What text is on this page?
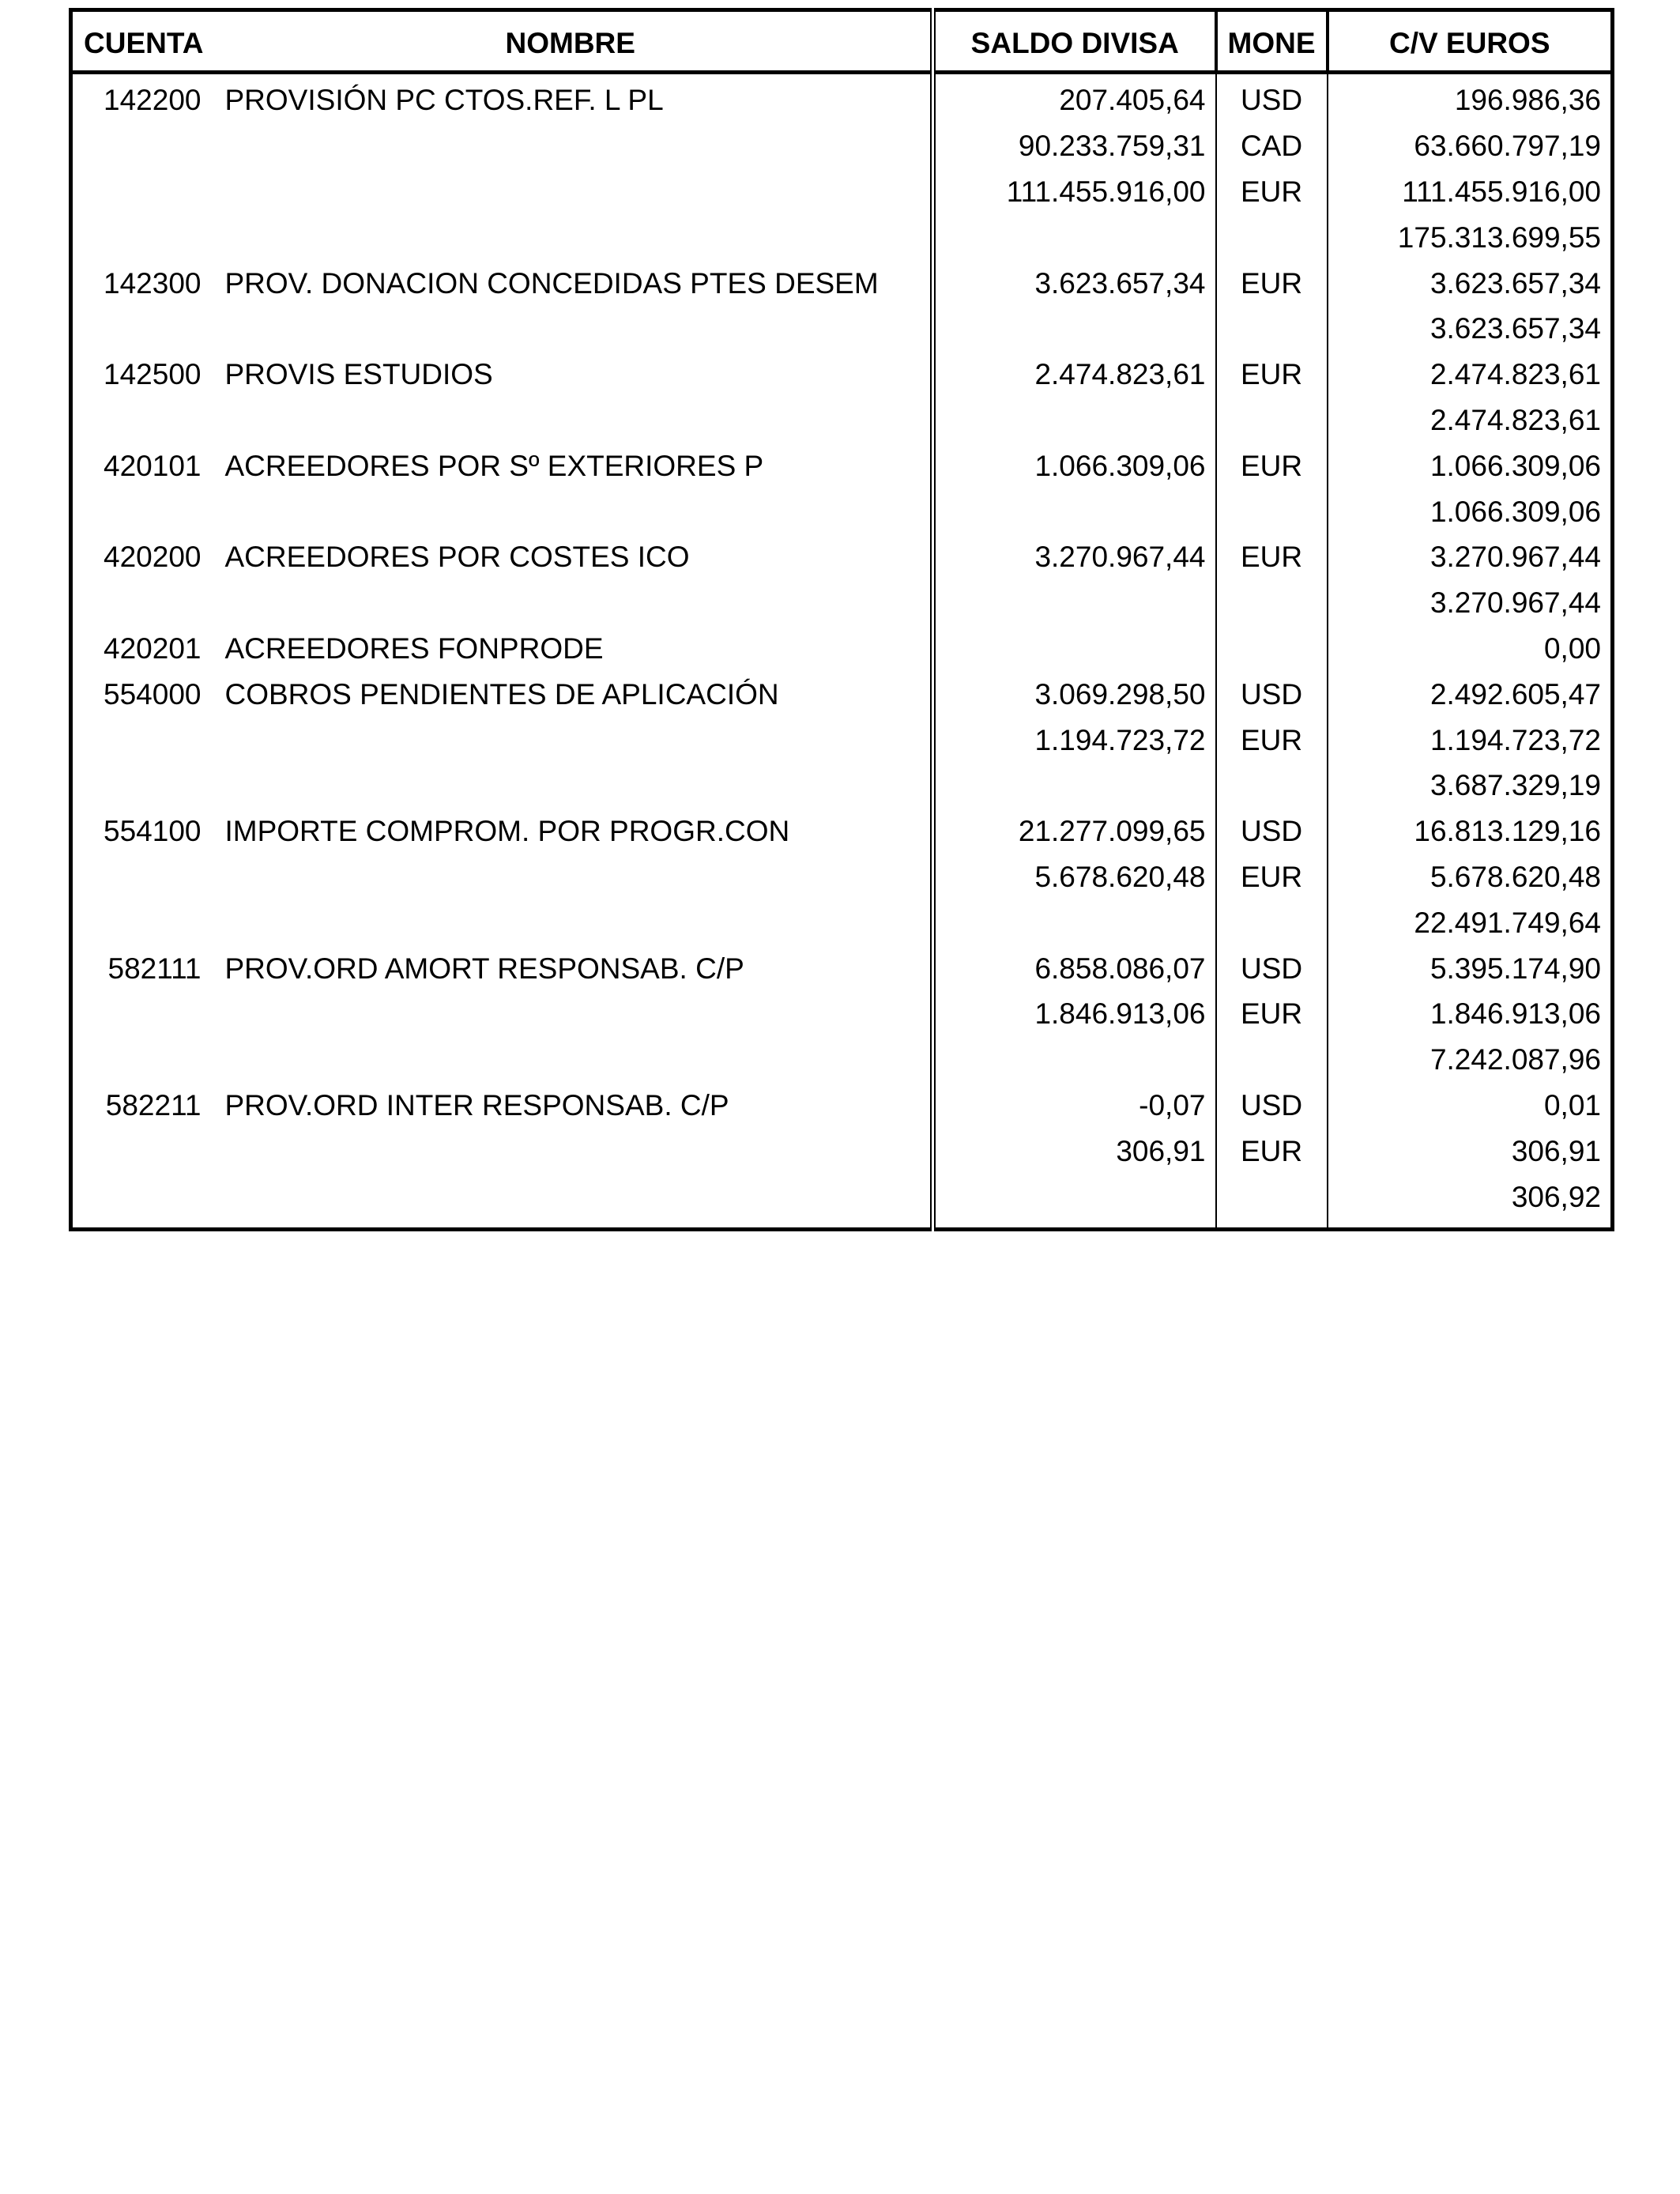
CUENTA	NOMBRE	SALDO DIVISA	MONE	C/V EUROS
142200	PROVISIÓN PC CTOS.REF. L PL	207.405,64	USD	196.986,36
		90.233.759,31	CAD	63.660.797,19
		111.455.916,00	EUR	111.455.916,00
				175.313.699,55
142300	PROV. DONACION CONCEDIDAS PTES DESEM	3.623.657,34	EUR	3.623.657,34
				3.623.657,34
142500	PROVIS ESTUDIOS	2.474.823,61	EUR	2.474.823,61
				2.474.823,61
420101	ACREEDORES POR Sº EXTERIORES P	1.066.309,06	EUR	1.066.309,06
				1.066.309,06
420200	ACREEDORES POR COSTES ICO	3.270.967,44	EUR	3.270.967,44
				3.270.967,44
420201	ACREEDORES FONPRODE			0,00
554000	COBROS PENDIENTES DE APLICACIÓN	3.069.298,50	USD	2.492.605,47
		1.194.723,72	EUR	1.194.723,72
				3.687.329,19
554100	IMPORTE COMPROM. POR PROGR.CON	21.277.099,65	USD	16.813.129,16
		5.678.620,48	EUR	5.678.620,48
				22.491.749,64
582111	PROV.ORD AMORT RESPONSAB. C/P	6.858.086,07	USD	5.395.174,90
		1.846.913,06	EUR	1.846.913,06
				7.242.087,96
582211	PROV.ORD INTER RESPONSAB. C/P	-0,07	USD	0,01
		306,91	EUR	306,91
				306,92
